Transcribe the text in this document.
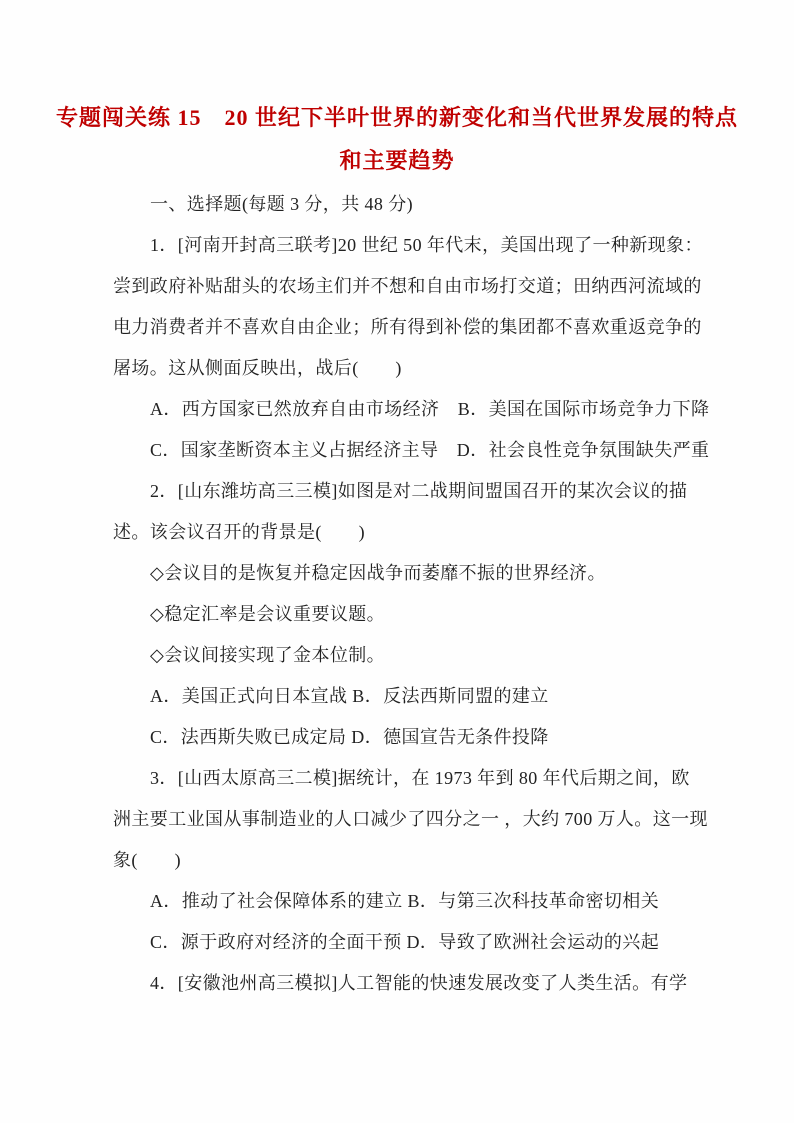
专题闯关练 15　20 世纪下半叶世界的新变化和当代世界发展的特点
和主要趋势

一、选择题(每题 3 分，共 48 分)

1．[河南开封高三联考]20 世纪 50 年代末，美国出现了一种新现象：

尝到政府补贴甜头的农场主们并不想和自由市场打交道；田纳西河流域的

电力消费者并不喜欢自由企业；所有得到补偿的集团都不喜欢重返竞争的

屠场。这从侧面反映出，战后(　　)

A．西方国家已然放弃自由市场经济　B．美国在国际市场竞争力下降

C．国家垄断资本主义占据经济主导　D．社会良性竞争氛围缺失严重

2．[山东潍坊高三三模]如图是对二战期间盟国召开的某次会议的描

述。该会议召开的背景是(　　)

◇会议目的是恢复并稳定因战争而萎靡不振的世界经济。

◇稳定汇率是会议重要议题。

◇会议间接实现了金本位制。

A．美国正式向日本宣战 B．反法西斯同盟的建立

C．法西斯失败已成定局 D．德国宣告无条件投降

3．[山西太原高三二模]据统计，在 1973 年到 80 年代后期之间，欧

洲主要工业国从事制造业的人口减少了四分之一 ，大约 700 万人。这一现

象(　　)

A．推动了社会保障体系的建立 B．与第三次科技革命密切相关

C．源于政府对经济的全面干预 D．导致了欧洲社会运动的兴起

4．[安徽池州高三模拟]人工智能的快速发展改变了人类生活。有学
